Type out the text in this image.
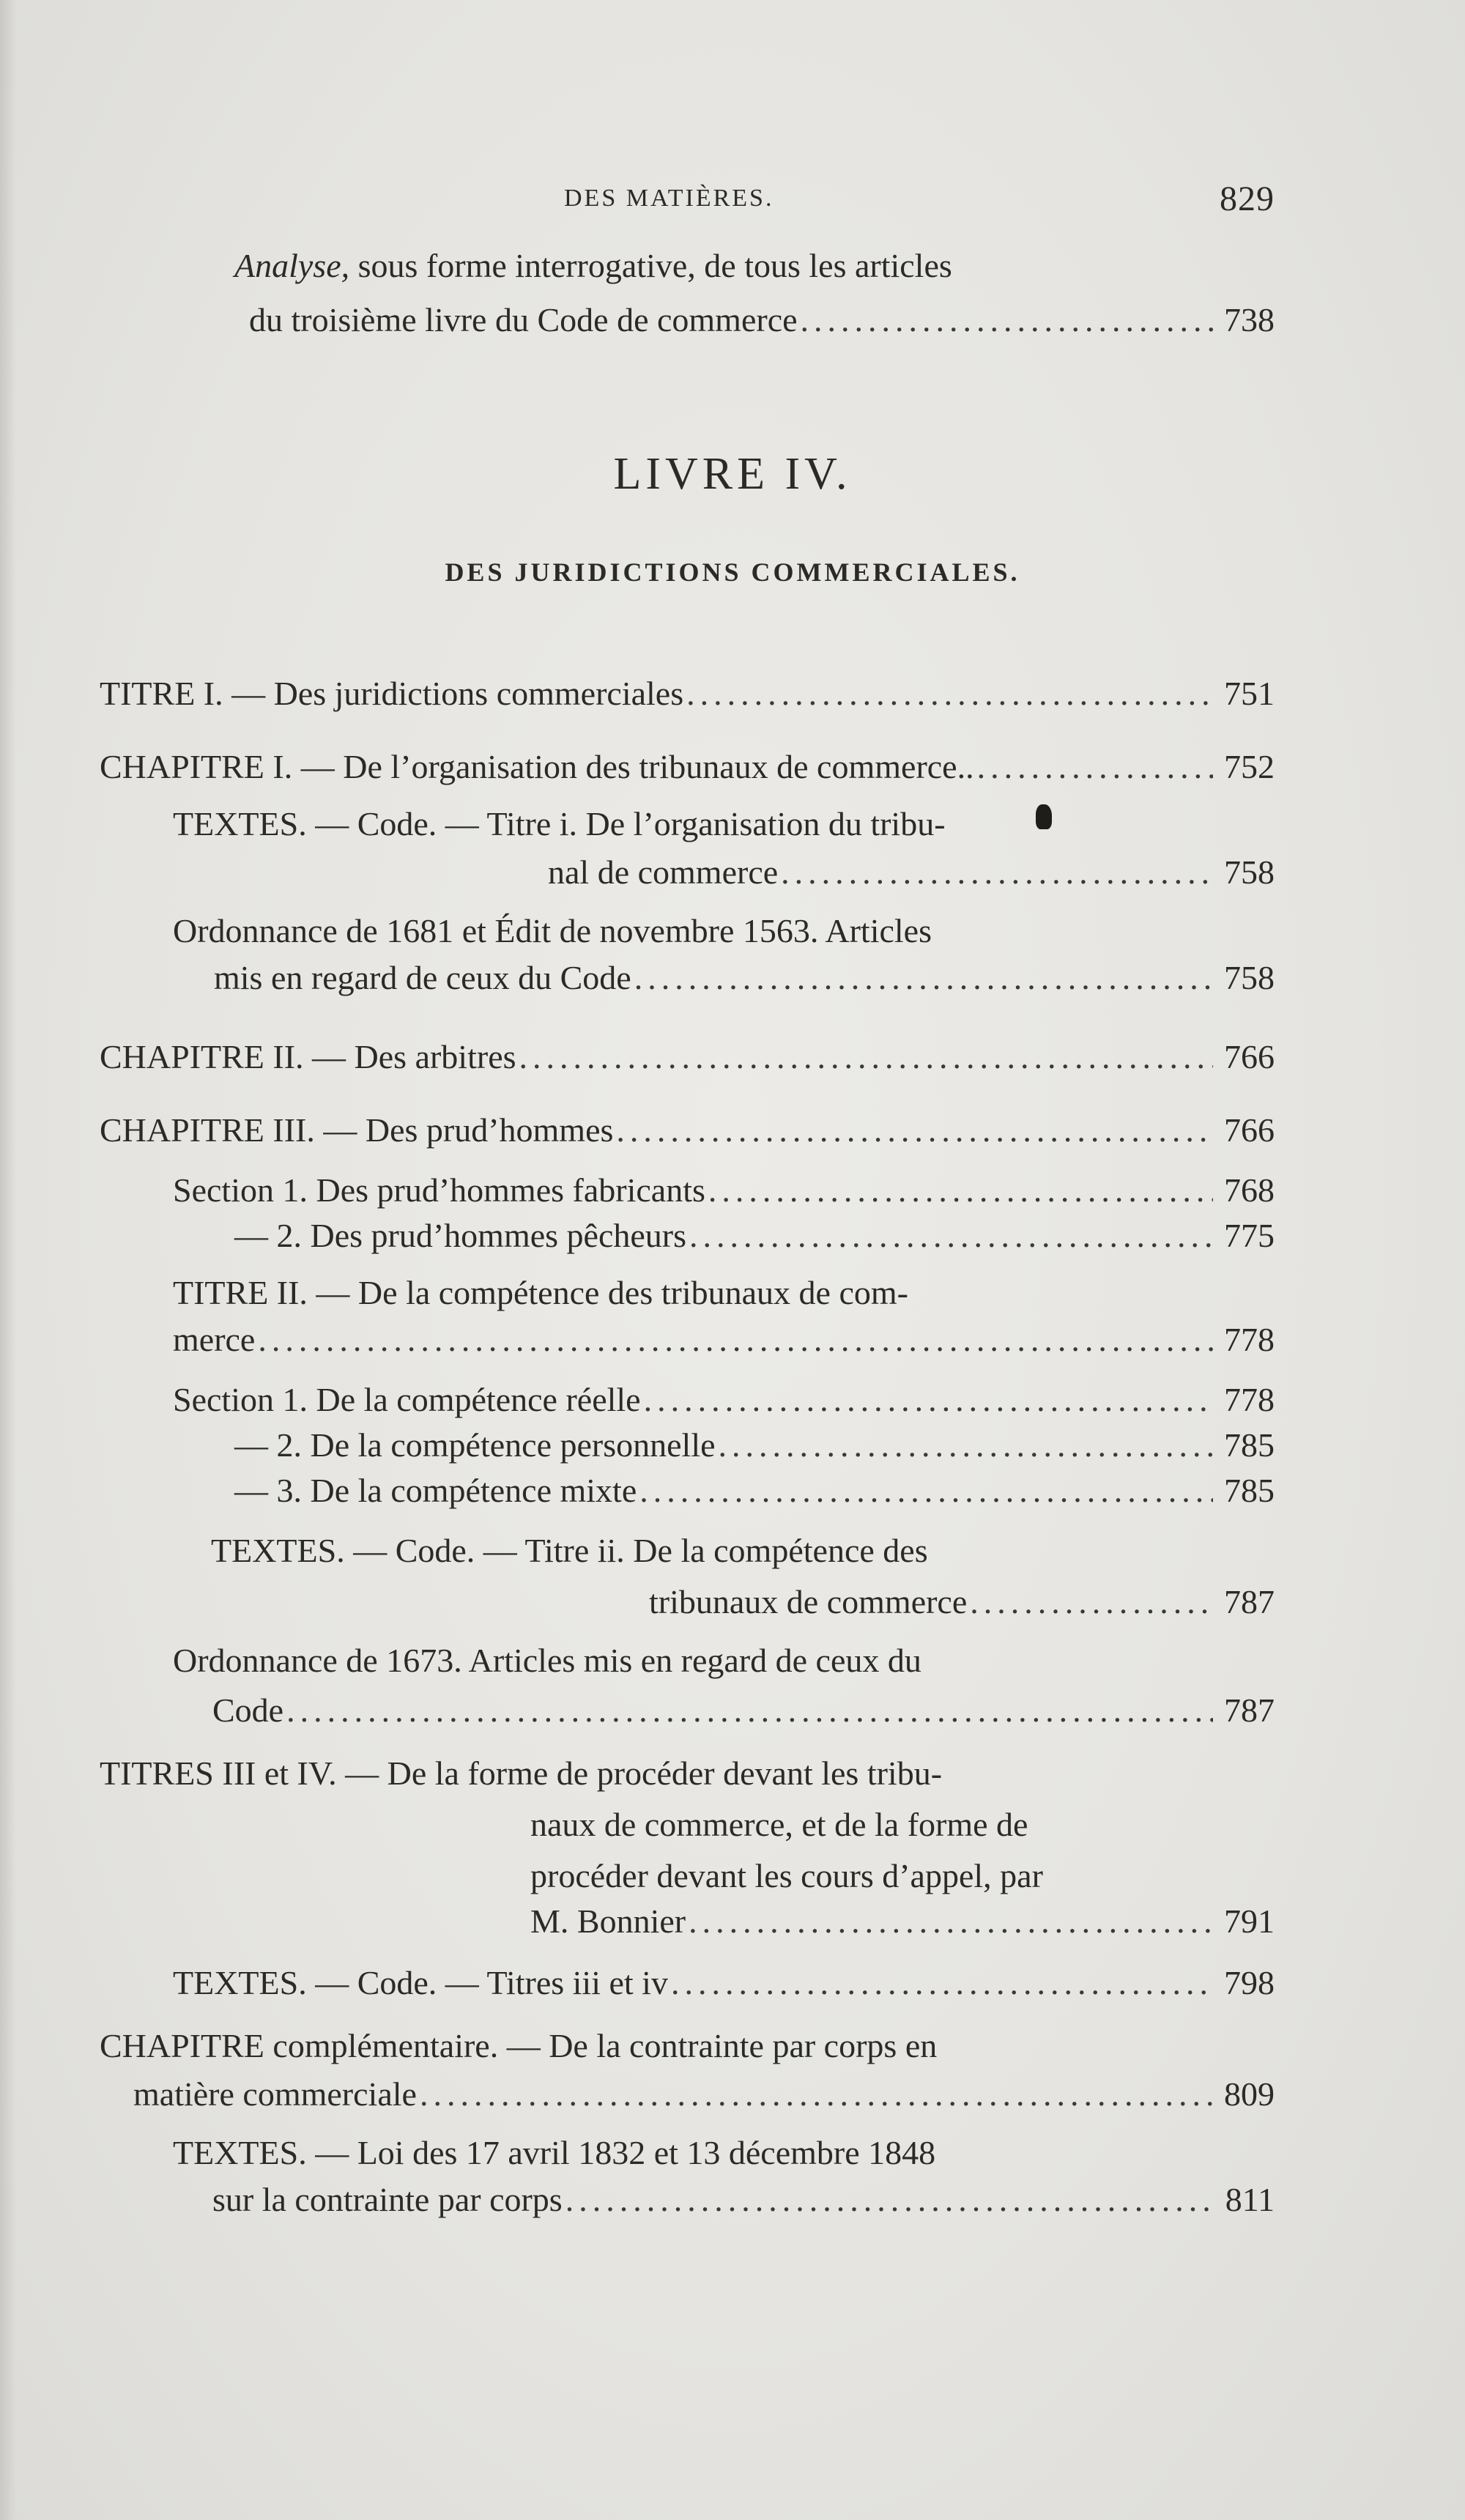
DES MATIÈRES.	829
Analyse, sous forme interrogative, de tous les articles
du troisième livre du Code de commerce .....	738
LIVRE IV.
DES JURIDICTIONS COMMERCIALES.
TITRE I. — Des juridictions commerciales .....	751
CHAPITRE I. — De l’organisation des tribunaux de commerce.. .....	752
TEXTES. — Code. — Titre i. De l’organisation du tribu-
nal de commerce .....	758
Ordonnance de 1681 et Édit de novembre 1563. Articles
mis en regard de ceux du Code .....	758
CHAPITRE II. — Des arbitres .....	766
CHAPITRE III. — Des prud’hommes .....	766
Section 1. Des prud’hommes fabricants .....	768
— 2. Des prud’hommes pêcheurs .....	775
TITRE II. — De la compétence des tribunaux de com-
merce .....	778
Section 1. De la compétence réelle .....	778
— 2. De la compétence personnelle .....	785
— 3. De la compétence mixte .....	785
TEXTES. — Code. — Titre ii. De la compétence des
tribunaux de commerce .....	787
Ordonnance de 1673. Articles mis en regard de ceux du
Code .....	787
TITRES III et IV. — De la forme de procéder devant les tribu-
naux de commerce, et de la forme de
procéder devant les cours d’appel, par
M. Bonnier .....	791
TEXTES. — Code. — Titres iii et iv .....	798
CHAPITRE complémentaire. — De la contrainte par corps en
matière commerciale .....	809
TEXTES. — Loi des 17 avril 1832 et 13 décembre 1848
sur la contrainte par corps .....	811
